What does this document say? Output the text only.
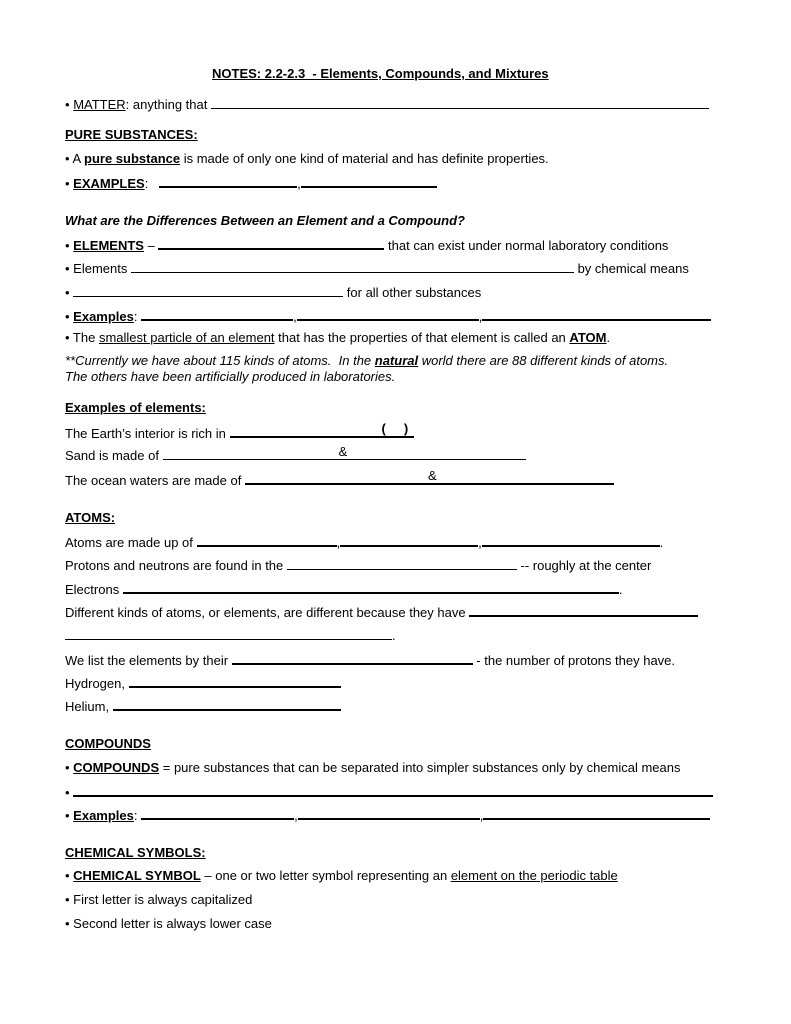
NOTES: 2.2-2.3  - Elements, Compounds, and Mixtures
• MATTER: anything that
PURE SUBSTANCES:
• A pure substance is made of only one kind of material and has definite properties.
• EXAMPLES:	,
What are the Differences Between an Element and a Compound?
• ELEMENTS –	that can exist under normal laboratory conditions
• Elements	by chemical means
•	for all other substances
• Examples:	,	,
• The smallest particle of an element that has the properties of that element is called an ATOM.
**Currently we have about 115 kinds of atoms.  In the natural world there are 88 different kinds of atoms.
The others have been artificially produced in laboratories.
Examples of elements:
The Earth’s interior is rich in	(     )
Sand is made of	&
The ocean waters are made of	&
ATOMS:
Atoms are made up of	,	,	.
Protons and neutrons are found in the	-- roughly at the center
Electrons	.
Different kinds of atoms, or elements, are different because they have
.
We list the elements by their	- the number of protons they have.
Hydrogen,
Helium,
COMPOUNDS
• COMPOUNDS = pure substances that can be separated into simpler substances only by chemical means
•
• Examples:	,	,
CHEMICAL SYMBOLS:
• CHEMICAL SYMBOL – one or two letter symbol representing an element on the periodic table
• First letter is always capitalized
• Second letter is always lower case
